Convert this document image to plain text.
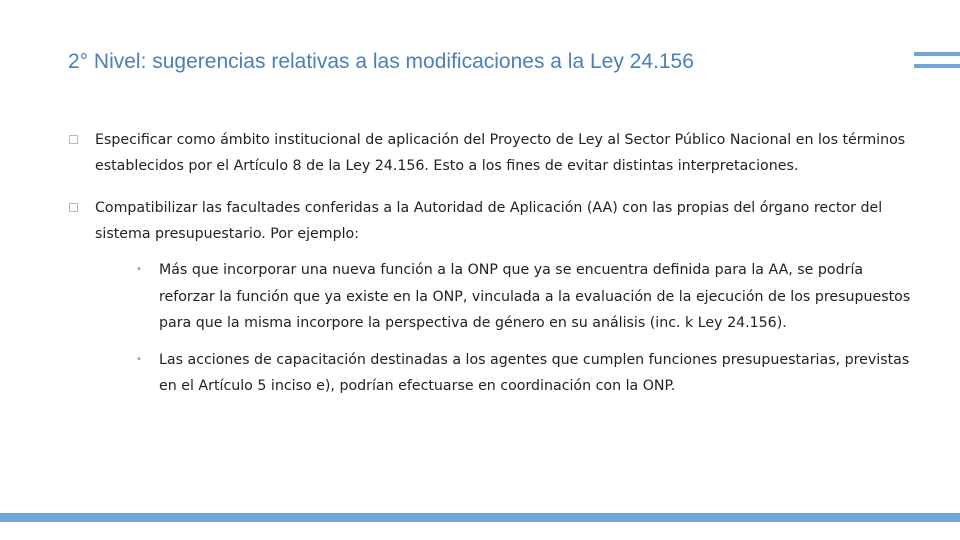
2° Nivel: sugerencias relativas a las modificaciones a la Ley 24.156
Especificar como ámbito institucional de aplicación del Proyecto de Ley al Sector Público Nacional en los términos establecidos por el Artículo 8 de la Ley 24.156. Esto a los fines de evitar distintas interpretaciones.
Compatibilizar las facultades conferidas a la Autoridad de Aplicación (AA) con las propias del órgano rector del sistema presupuestario. Por ejemplo:
• Más que incorporar una nueva función a la ONP que ya se encuentra definida para la AA, se podría reforzar la función que ya existe en la ONP, vinculada a la evaluación de la ejecución de los presupuestos para que la misma incorpore la perspectiva de género en su análisis (inc. k Ley 24.156).
• Las acciones de capacitación destinadas a los agentes que cumplen funciones presupuestarias, previstas en el Artículo 5 inciso e), podrían efectuarse en coordinación con la ONP.
